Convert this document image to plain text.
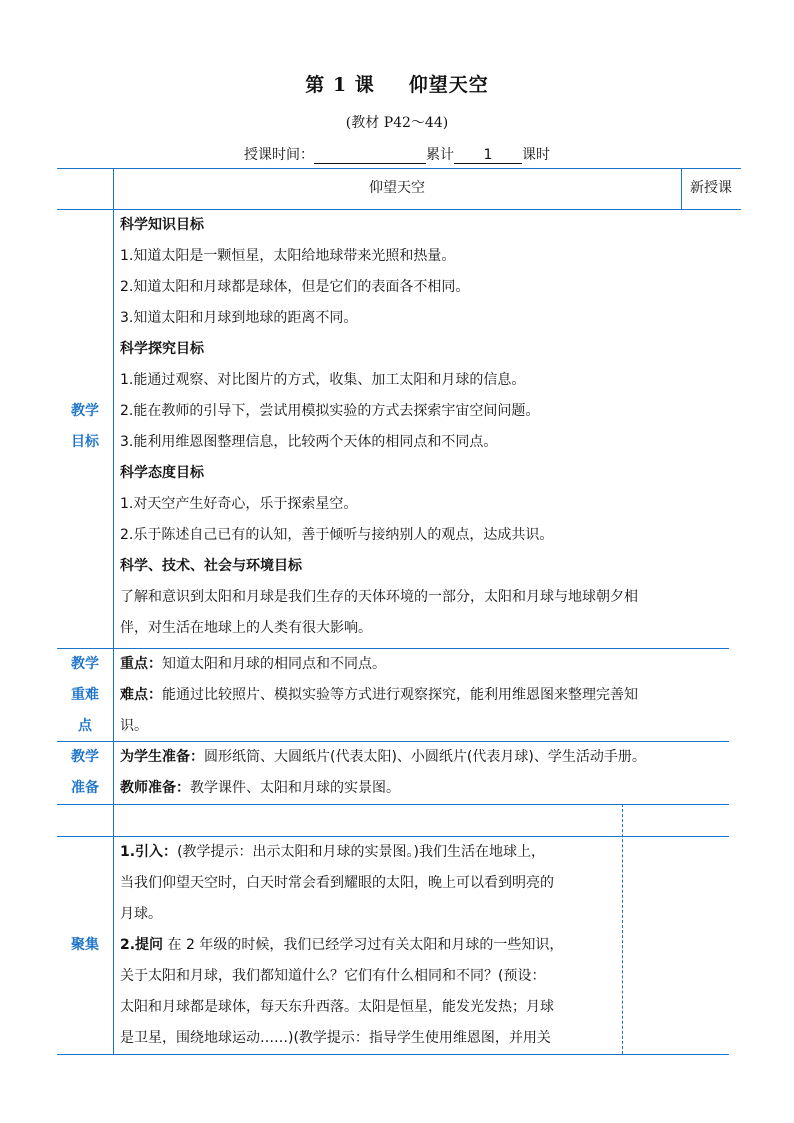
第 1 课 仰望天空
(教材 P42～44)
授课时间：	累计 1 课时
仰望天空	新授课
教学
目标
科学知识目标
1.知道太阳是一颗恒星，太阳给地球带来光照和热量。
2.知道太阳和月球都是球体，但是它们的表面各不相同。
3.知道太阳和月球到地球的距离不同。
科学探究目标
1.能通过观察、对比图片的方式，收集、加工太阳和月球的信息。
2.能在教师的引导下，尝试用模拟实验的方式去探索宇宙空间问题。
3.能利用维恩图整理信息，比较两个天体的相同点和不同点。
科学态度目标
1.对天空产生好奇心，乐于探索星空。
2.乐于陈述自己已有的认知，善于倾听与接纳别人的观点，达成共识。
科学、技术、社会与环境目标
了解和意识到太阳和月球是我们生存的天体环境的一部分，太阳和月球与地球朝夕相
伴，对生活在地球上的人类有很大影响。
教学
重难
点
重点：知道太阳和月球的相同点和不同点。
难点：能通过比较照片、模拟实验等方式进行观察探究，能利用维恩图来整理完善知
识。
教学
准备
为学生准备：圆形纸筒、大圆纸片(代表太阳)、小圆纸片(代表月球)、学生活动手册。
教师准备：教学课件、太阳和月球的实景图。
聚集
1.引入：(教学提示：出示太阳和月球的实景图。)我们生活在地球上，
当我们仰望天空时，白天时常会看到耀眼的太阳，晚上可以看到明亮的
月球。
2.提问 在 2 年级的时候，我们已经学习过有关太阳和月球的一些知识，
关于太阳和月球，我们都知道什么？它们有什么相同和不同？(预设：
太阳和月球都是球体，每天东升西落。太阳是恒星，能发光发热；月球
是卫星，围绕地球运动……)(教学提示：指导学生使用维恩图，并用关
